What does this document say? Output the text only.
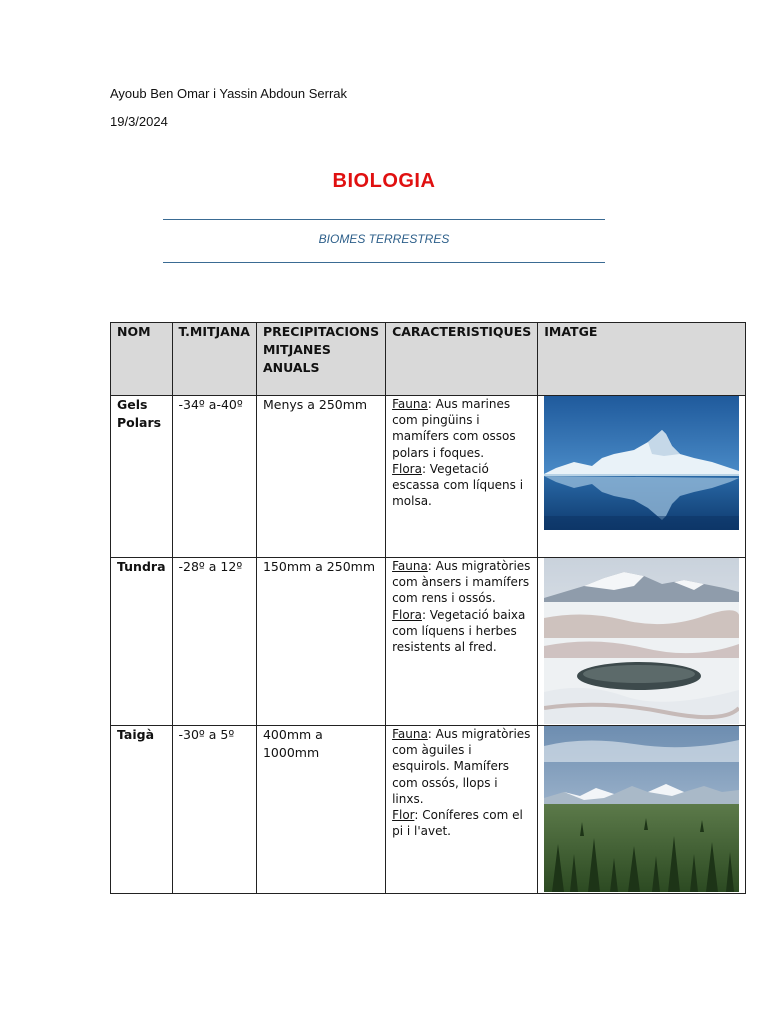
Ayoub Ben Omar i Yassin Abdoun Serrak
19/3/2024
BIOLOGIA
BIOMES TERRESTRES
NOM	T.MITJANA	PRECIPITACIONS MITJANES ANUALS	CARACTERISTIQUES	IMATGE
Gels Polars	-34º a-40º	Menys a 250mm	Fauna: Aus marines com pingüins i mamífers com ossos polars i foques.
Flora: Vegetació escassa com líquens i molsa.	

Tundra	-28º a 12º	150mm a 250mm	Fauna: Aus migratòries com ànsers i mamífers com rens i ossós.
Flora: Vegetació baixa com líquens i herbes resistents al fred.	

Taigà	-30º a 5º	400mm a 1000mm	Fauna: Aus migratòries com àguiles i esquirols. Mamífers com ossós, llops i linxs.
Flor: Coníferes com el pi i l'avet.	
